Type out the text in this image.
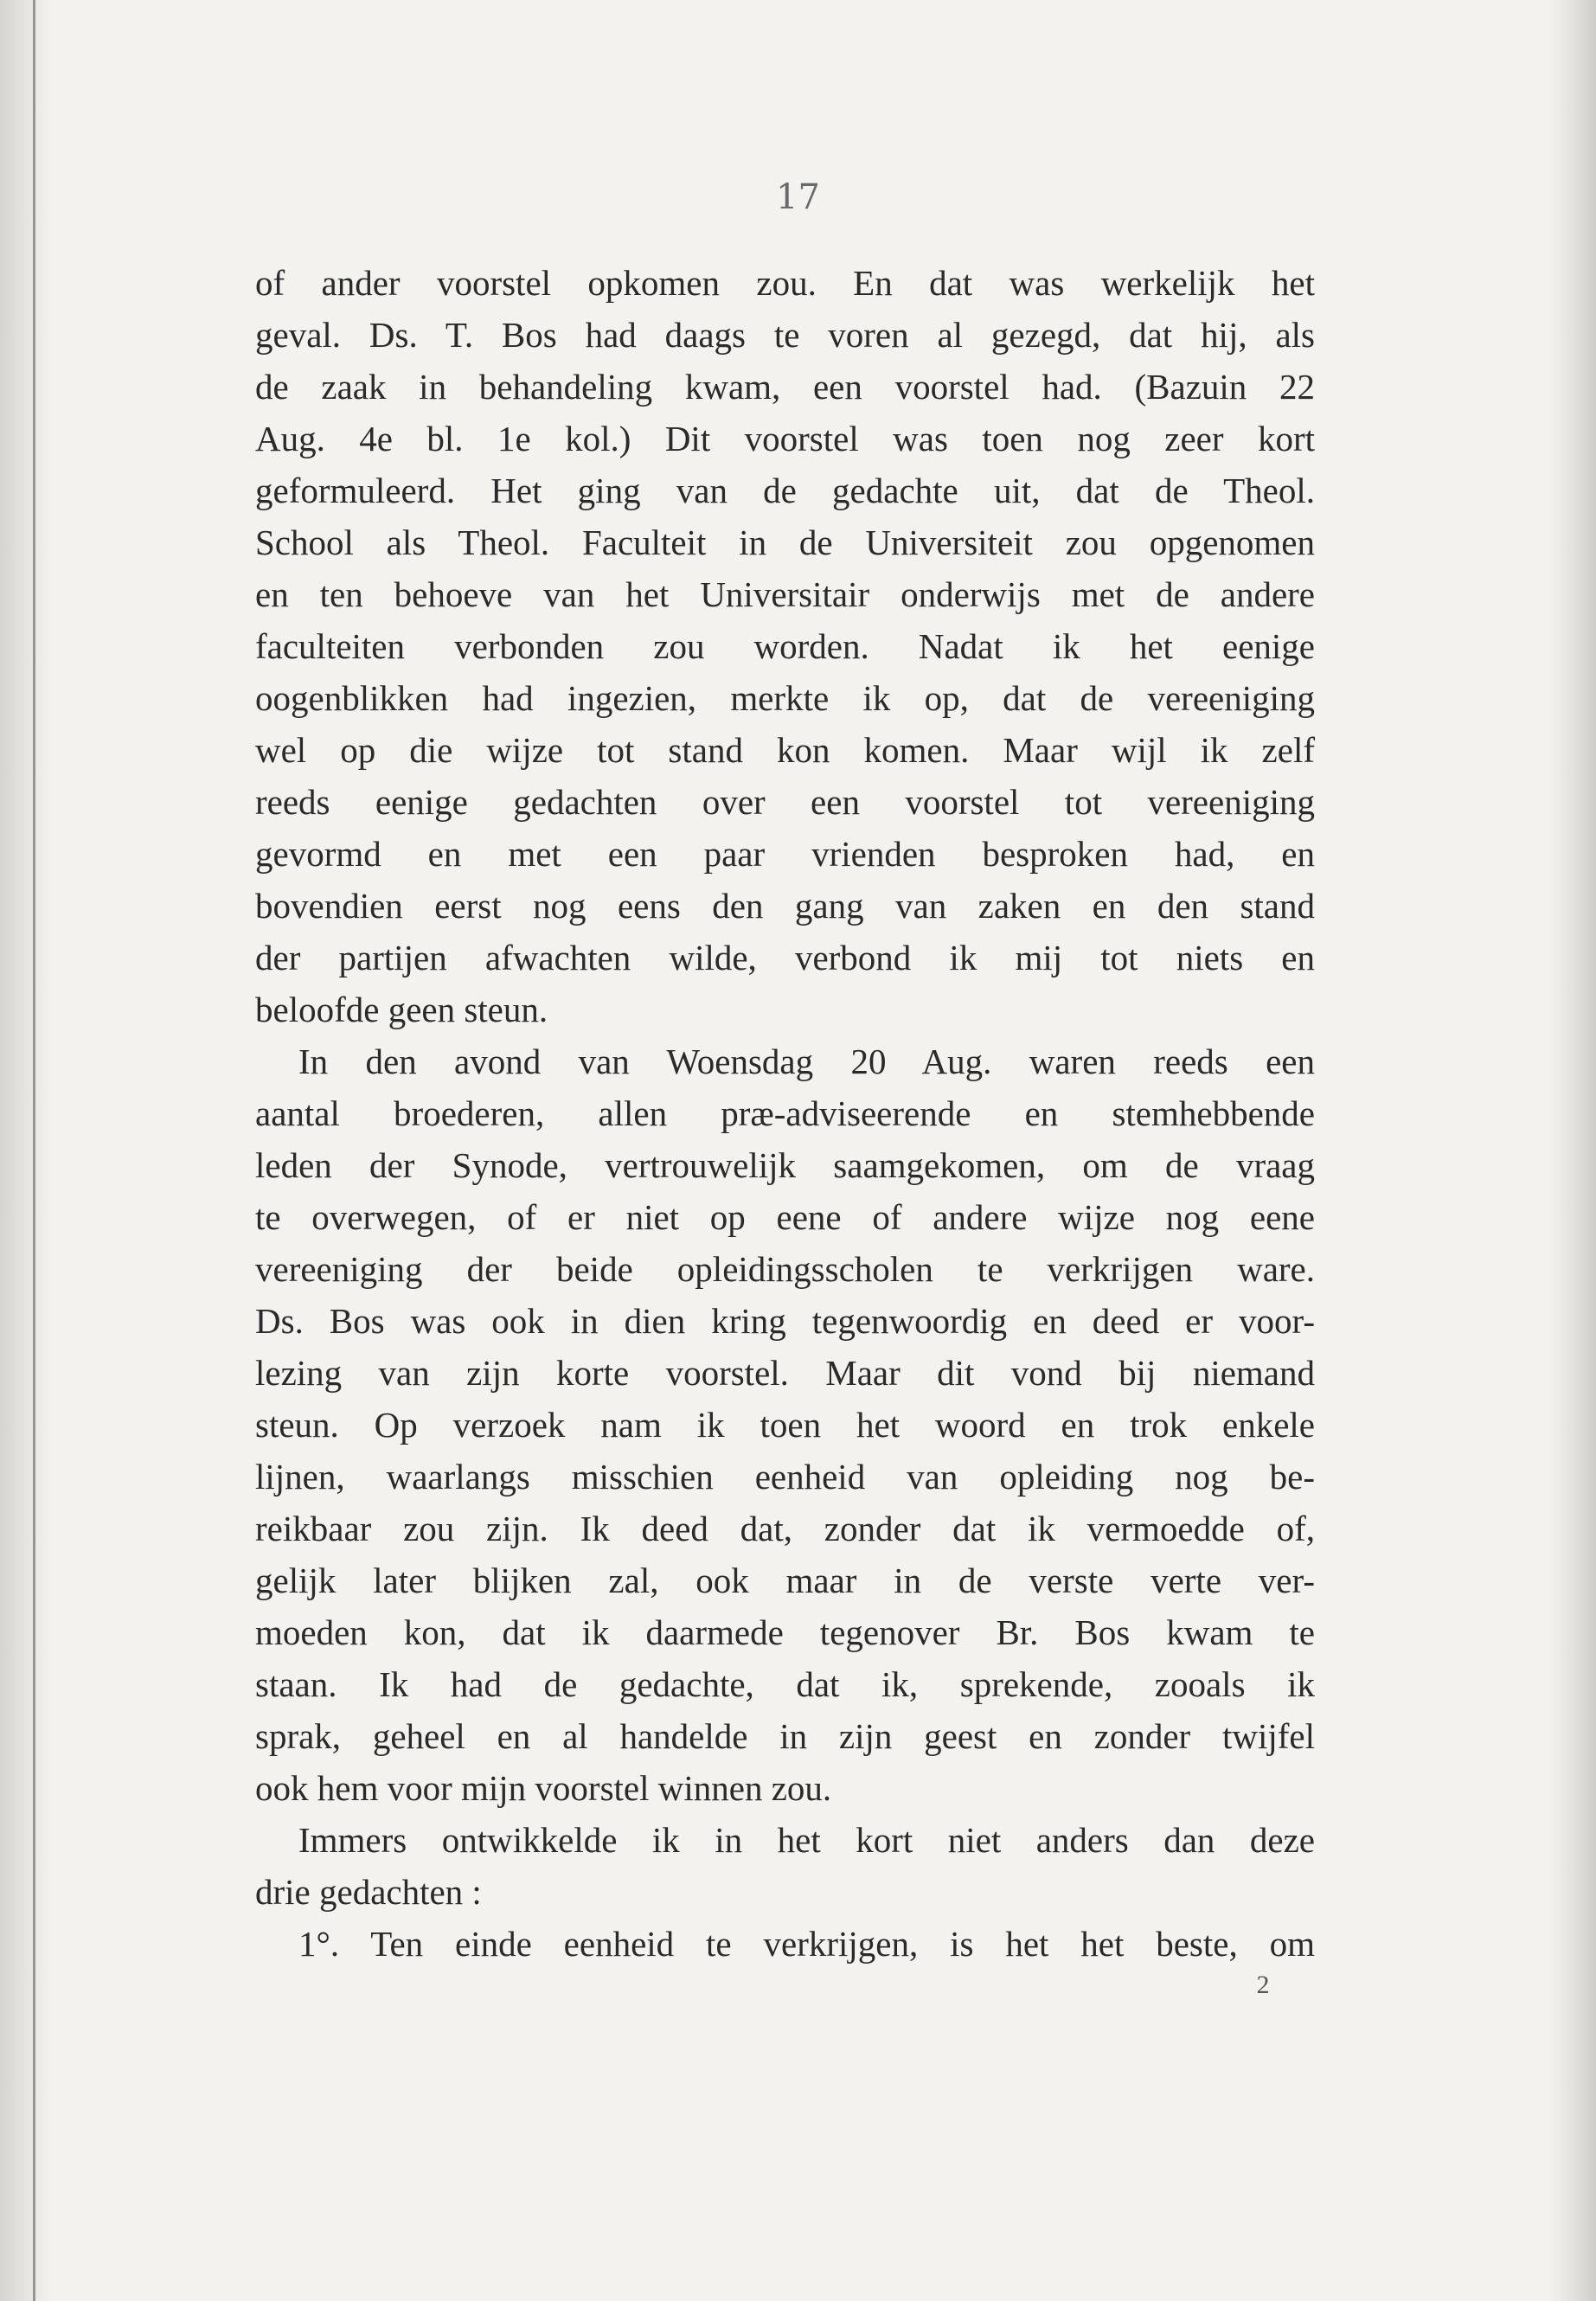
17
of ander voorstel opkomen zou. En dat was werkelijk het
geval. Ds. T. Bos had daags te voren al gezegd, dat hij, als
de zaak in behandeling kwam, een voorstel had. (Bazuin 22
Aug. 4e bl. 1e kol.) Dit voorstel was toen nog zeer kort
geformuleerd. Het ging van de gedachte uit, dat de Theol.
School als Theol. Faculteit in de Universiteit zou opgenomen
en ten behoeve van het Universitair onderwijs met de andere
faculteiten verbonden zou worden. Nadat ik het eenige
oogenblikken had ingezien, merkte ik op, dat de vereeniging
wel op die wijze tot stand kon komen. Maar wijl ik zelf
reeds eenige gedachten over een voorstel tot vereeniging
gevormd en met een paar vrienden besproken had, en
bovendien eerst nog eens den gang van zaken en den stand
der partijen afwachten wilde, verbond ik mij tot niets en
beloofde geen steun.
In den avond van Woensdag 20 Aug. waren reeds een
aantal broederen, allen præ-adviseerende en stemhebbende
leden der Synode, vertrouwelijk saamgekomen, om de vraag
te overwegen, of er niet op eene of andere wijze nog eene
vereeniging der beide opleidingsscholen te verkrijgen ware.
Ds. Bos was ook in dien kring tegenwoordig en deed er voor-
lezing van zijn korte voorstel. Maar dit vond bij niemand
steun. Op verzoek nam ik toen het woord en trok enkele
lijnen, waarlangs misschien eenheid van opleiding nog be-
reikbaar zou zijn. Ik deed dat, zonder dat ik vermoedde of,
gelijk later blijken zal, ook maar in de verste verte ver-
moeden kon, dat ik daarmede tegenover Br. Bos kwam te
staan. Ik had de gedachte, dat ik, sprekende, zooals ik
sprak, geheel en al handelde in zijn geest en zonder twijfel
ook hem voor mijn voorstel winnen zou.
Immers ontwikkelde ik in het kort niet anders dan deze
drie gedachten :
1°. Ten einde eenheid te verkrijgen, is het het beste, om
2
